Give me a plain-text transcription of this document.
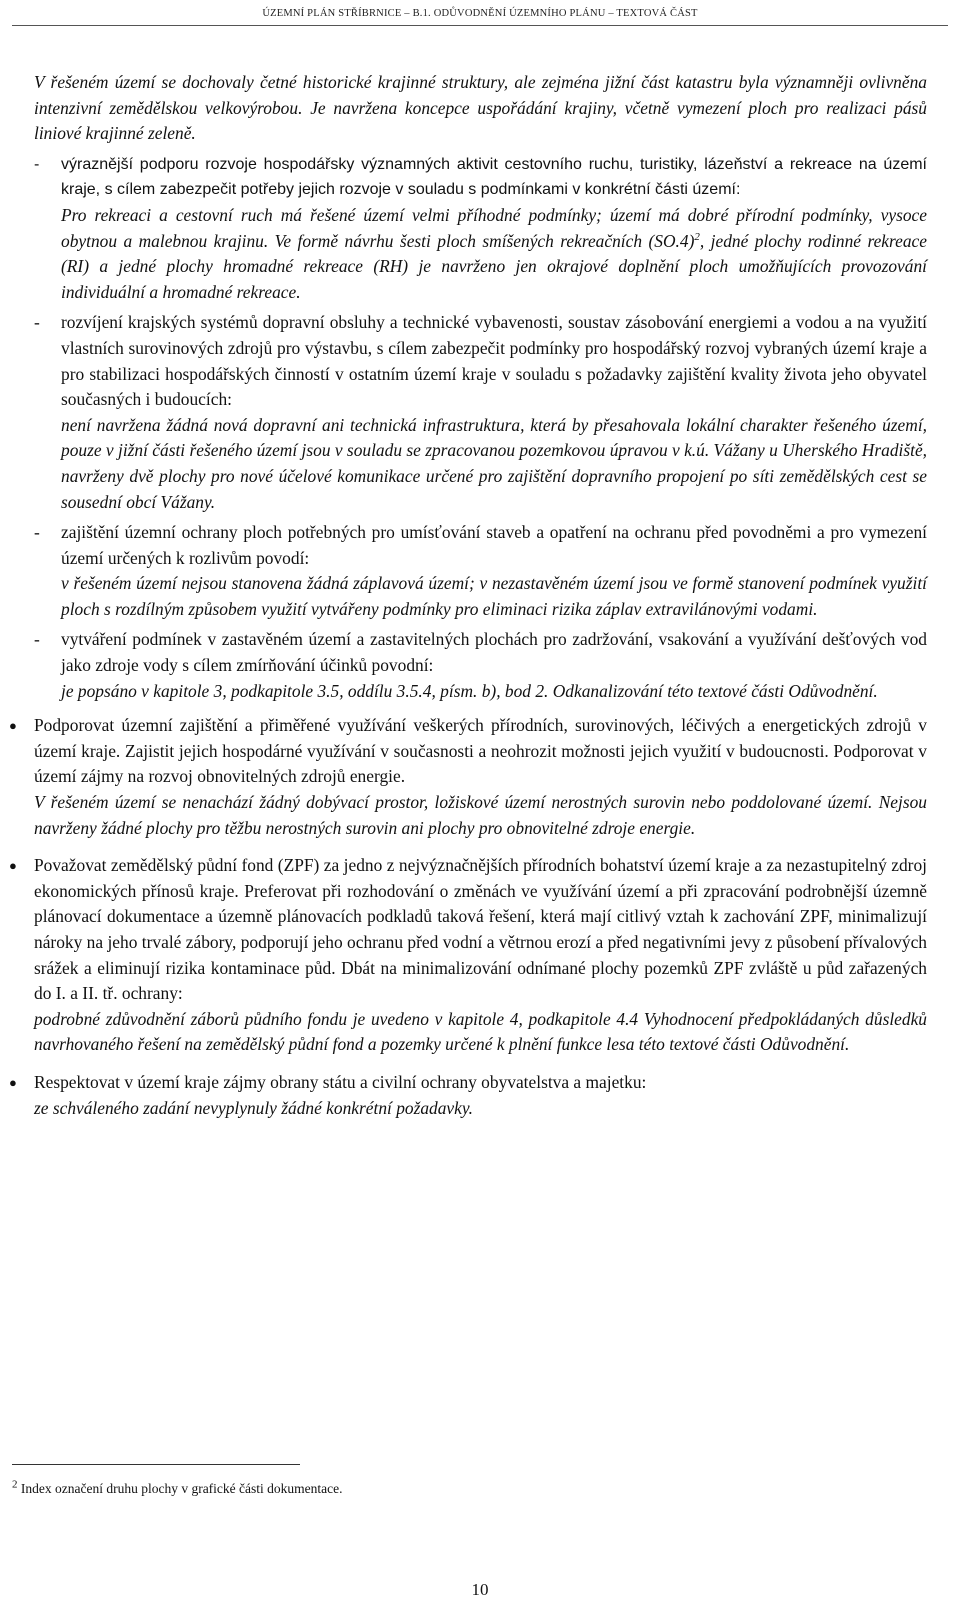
ÚZEMNÍ PLÁN STŘÍBRNICE – B.1. ODŮVODNĚNÍ ÚZEMNÍHO PLÁNU – TEXTOVÁ ČÁST

V řešeném území se dochovaly četné historické krajinné struktury, ale zejména jižní část katastru byla významněji ovlivněna intenzivní zemědělskou velkovýrobou. Je navržena koncepce uspořádání krajiny, včetně vymezení ploch pro realizaci pásů liniové krajinné zeleně.

- výraznější podporu rozvoje hospodářsky významných aktivit cestovního ruchu, turistiky, lázeňství a rekreace na území kraje, s cílem zabezpečit potřeby jejich rozvoje v souladu s podmínkami v konkrétní části území:

Pro rekreaci a cestovní ruch má řešené území velmi příhodné podmínky; území má dobré přírodní podmínky, vysoce obytnou a malebnou krajinu. Ve formě návrhu šesti ploch smíšených rekreačních $(SO.4)^2$, jedné plochy rodinné rekreace (RI) a jedné plochy hromadné rekreace (RH) je navrženo jen okrajové doplnění ploch umožňujících provozování individuální a hromadné rekreace.

- rozvíjení krajských systémů dopravní obsluhy a technické vybavenosti, soustav zásobování energiemi a vodou a na využití vlastních surovinových zdrojů pro výstavbu, s cílem zabezpečit podmínky pro hospodářský rozvoj vybraných území kraje a pro stabilizaci hospodářských činností v ostatním území kraje v souladu s požadavky zajištění kvality života jeho obyvatel současných i budoucích:

není navržena žádná nová dopravní ani technická infrastruktura, která by přesahovala lokální charakter řešeného území, pouze v jižní části řešeného území jsou v souladu se zpracovanou pozemkovou úpravou v k.ú. Vážany u Uherského Hradiště, navrženy dvě plochy pro nové účelové komunikace určené pro zajištění dopravního propojení po síti zemědělských cest se sousední obcí Vážany.

- zajištění územní ochrany ploch potřebných pro umísťování staveb a opatření na ochranu před povodněmi a pro vymezení území určených k rozlivům povodí:

v řešeném území nejsou stanovena žádná záplavová území; v nezastavěném území jsou ve formě stanovení podmínek využití ploch s rozdílným způsobem využití vytvářeny podmínky pro eliminaci rizika záplav extravilánovými vodami.

- vytváření podmínek v zastavěném území a zastavitelných plochách pro zadržování, vsakování a využívání dešťových vod jako zdroje vody s cílem zmírňování účinků povodní:

je popsáno v kapitole 3, podkapitole 3.5, oddílu 3.5.4, písm. b), bod 2. Odkanalizování této textové části Odůvodnění.

● Podporovat územní zajištění a přiměřené využívání veškerých přírodních, surovinových, léčivých a energetických zdrojů v území kraje. Zajistit jejich hospodárné využívání v současnosti a neohrozit možnosti jejich využití v budoucnosti. Podporovat v území zájmy na rozvoj obnovitelných zdrojů energie.

V řešeném území se nenachází žádný dobývací prostor, ložiskové území nerostných surovin nebo poddolované území. Nejsou navrženy žádné plochy pro těžbu nerostných surovin ani plochy pro obnovitelné zdroje energie.

● Považovat zemědělský půdní fond (ZPF) za jedno z nejvýznačnějších přírodních bohatství území kraje a za nezastupitelný zdroj ekonomických přínosů kraje. Preferovat při rozhodování o změnách ve využívání území a při zpracování podrobnější územně plánovací dokumentace a územně plánovacích podkladů taková řešení, která mají citlivý vztah k zachování ZPF, minimalizují nároky na jeho trvalé zábory, podporují jeho ochranu před vodní a větrnou erozí a před negativními jevy z působení přívalových srážek a eliminují rizika kontaminace půd. Dbát na minimalizování odnímané plochy pozemků ZPF zvláště u půd zařazených do I. a II. tř. ochrany:

podrobné zdůvodnění záborů půdního fondu je uvedeno v kapitole 4, podkapitole 4.4 Vyhodnocení předpokládaných důsledků navrhovaného řešení na zemědělský půdní fond a pozemky určené k plnění funkce lesa této textové části Odůvodnění.

● Respektovat v území kraje zájmy obrany státu a civilní ochrany obyvatelstva a majetku:

ze schváleného zadání nevyplynuly žádné konkrétní požadavky.

$^2$ Index označení druhu plochy v grafické části dokumentace.
10
